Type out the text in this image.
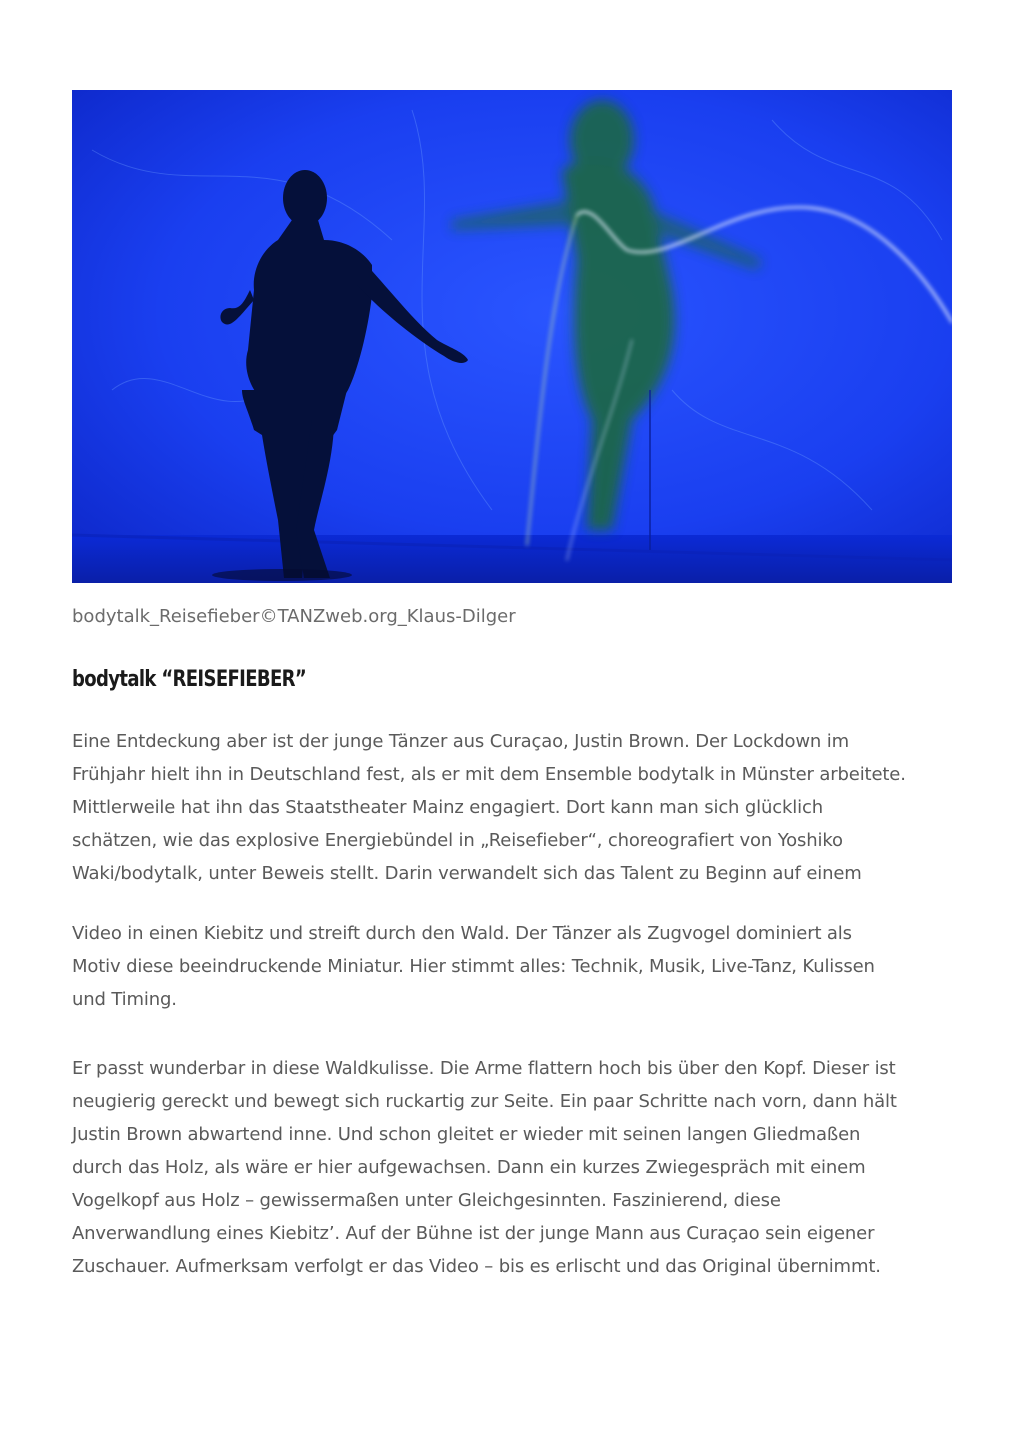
bodytalk_Reisefieber©TANZweb.org_Klaus-Dilger
bodytalk “REISEFIEBER”

Eine Entdeckung aber ist der junge Tänzer aus Curaçao, Justin Brown. Der Lockdown im
Frühjahr hielt ihn in Deutschland fest, als er mit dem Ensemble bodytalk in Münster arbeitete.
Mittlerweile hat ihn das Staatstheater Mainz engagiert. Dort kann man sich glücklich
schätzen, wie das explosive Energiebündel in „Reisefieber“, choreografiert von Yoshiko
Waki/bodytalk, unter Beweis stellt. Darin verwandelt sich das Talent zu Beginn auf einem

Video in einen Kiebitz und streift durch den Wald. Der Tänzer als Zugvogel dominiert als
Motiv diese beeindruckende Miniatur. Hier stimmt alles: Technik, Musik, Live-Tanz, Kulissen
und Timing.

Er passt wunderbar in diese Waldkulisse. Die Arme flattern hoch bis über den Kopf. Dieser ist
neugierig gereckt und bewegt sich ruckartig zur Seite. Ein paar Schritte nach vorn, dann hält
Justin Brown abwartend inne. Und schon gleitet er wieder mit seinen langen Gliedmaßen
durch das Holz, als wäre er hier aufgewachsen. Dann ein kurzes Zwiegespräch mit einem
Vogelkopf aus Holz – gewissermaßen unter Gleichgesinnten. Faszinierend, diese
Anverwandlung eines Kiebitz’. Auf der Bühne ist der junge Mann aus Curaçao sein eigener
Zuschauer. Aufmerksam verfolgt er das Video – bis es erlischt und das Original übernimmt.
